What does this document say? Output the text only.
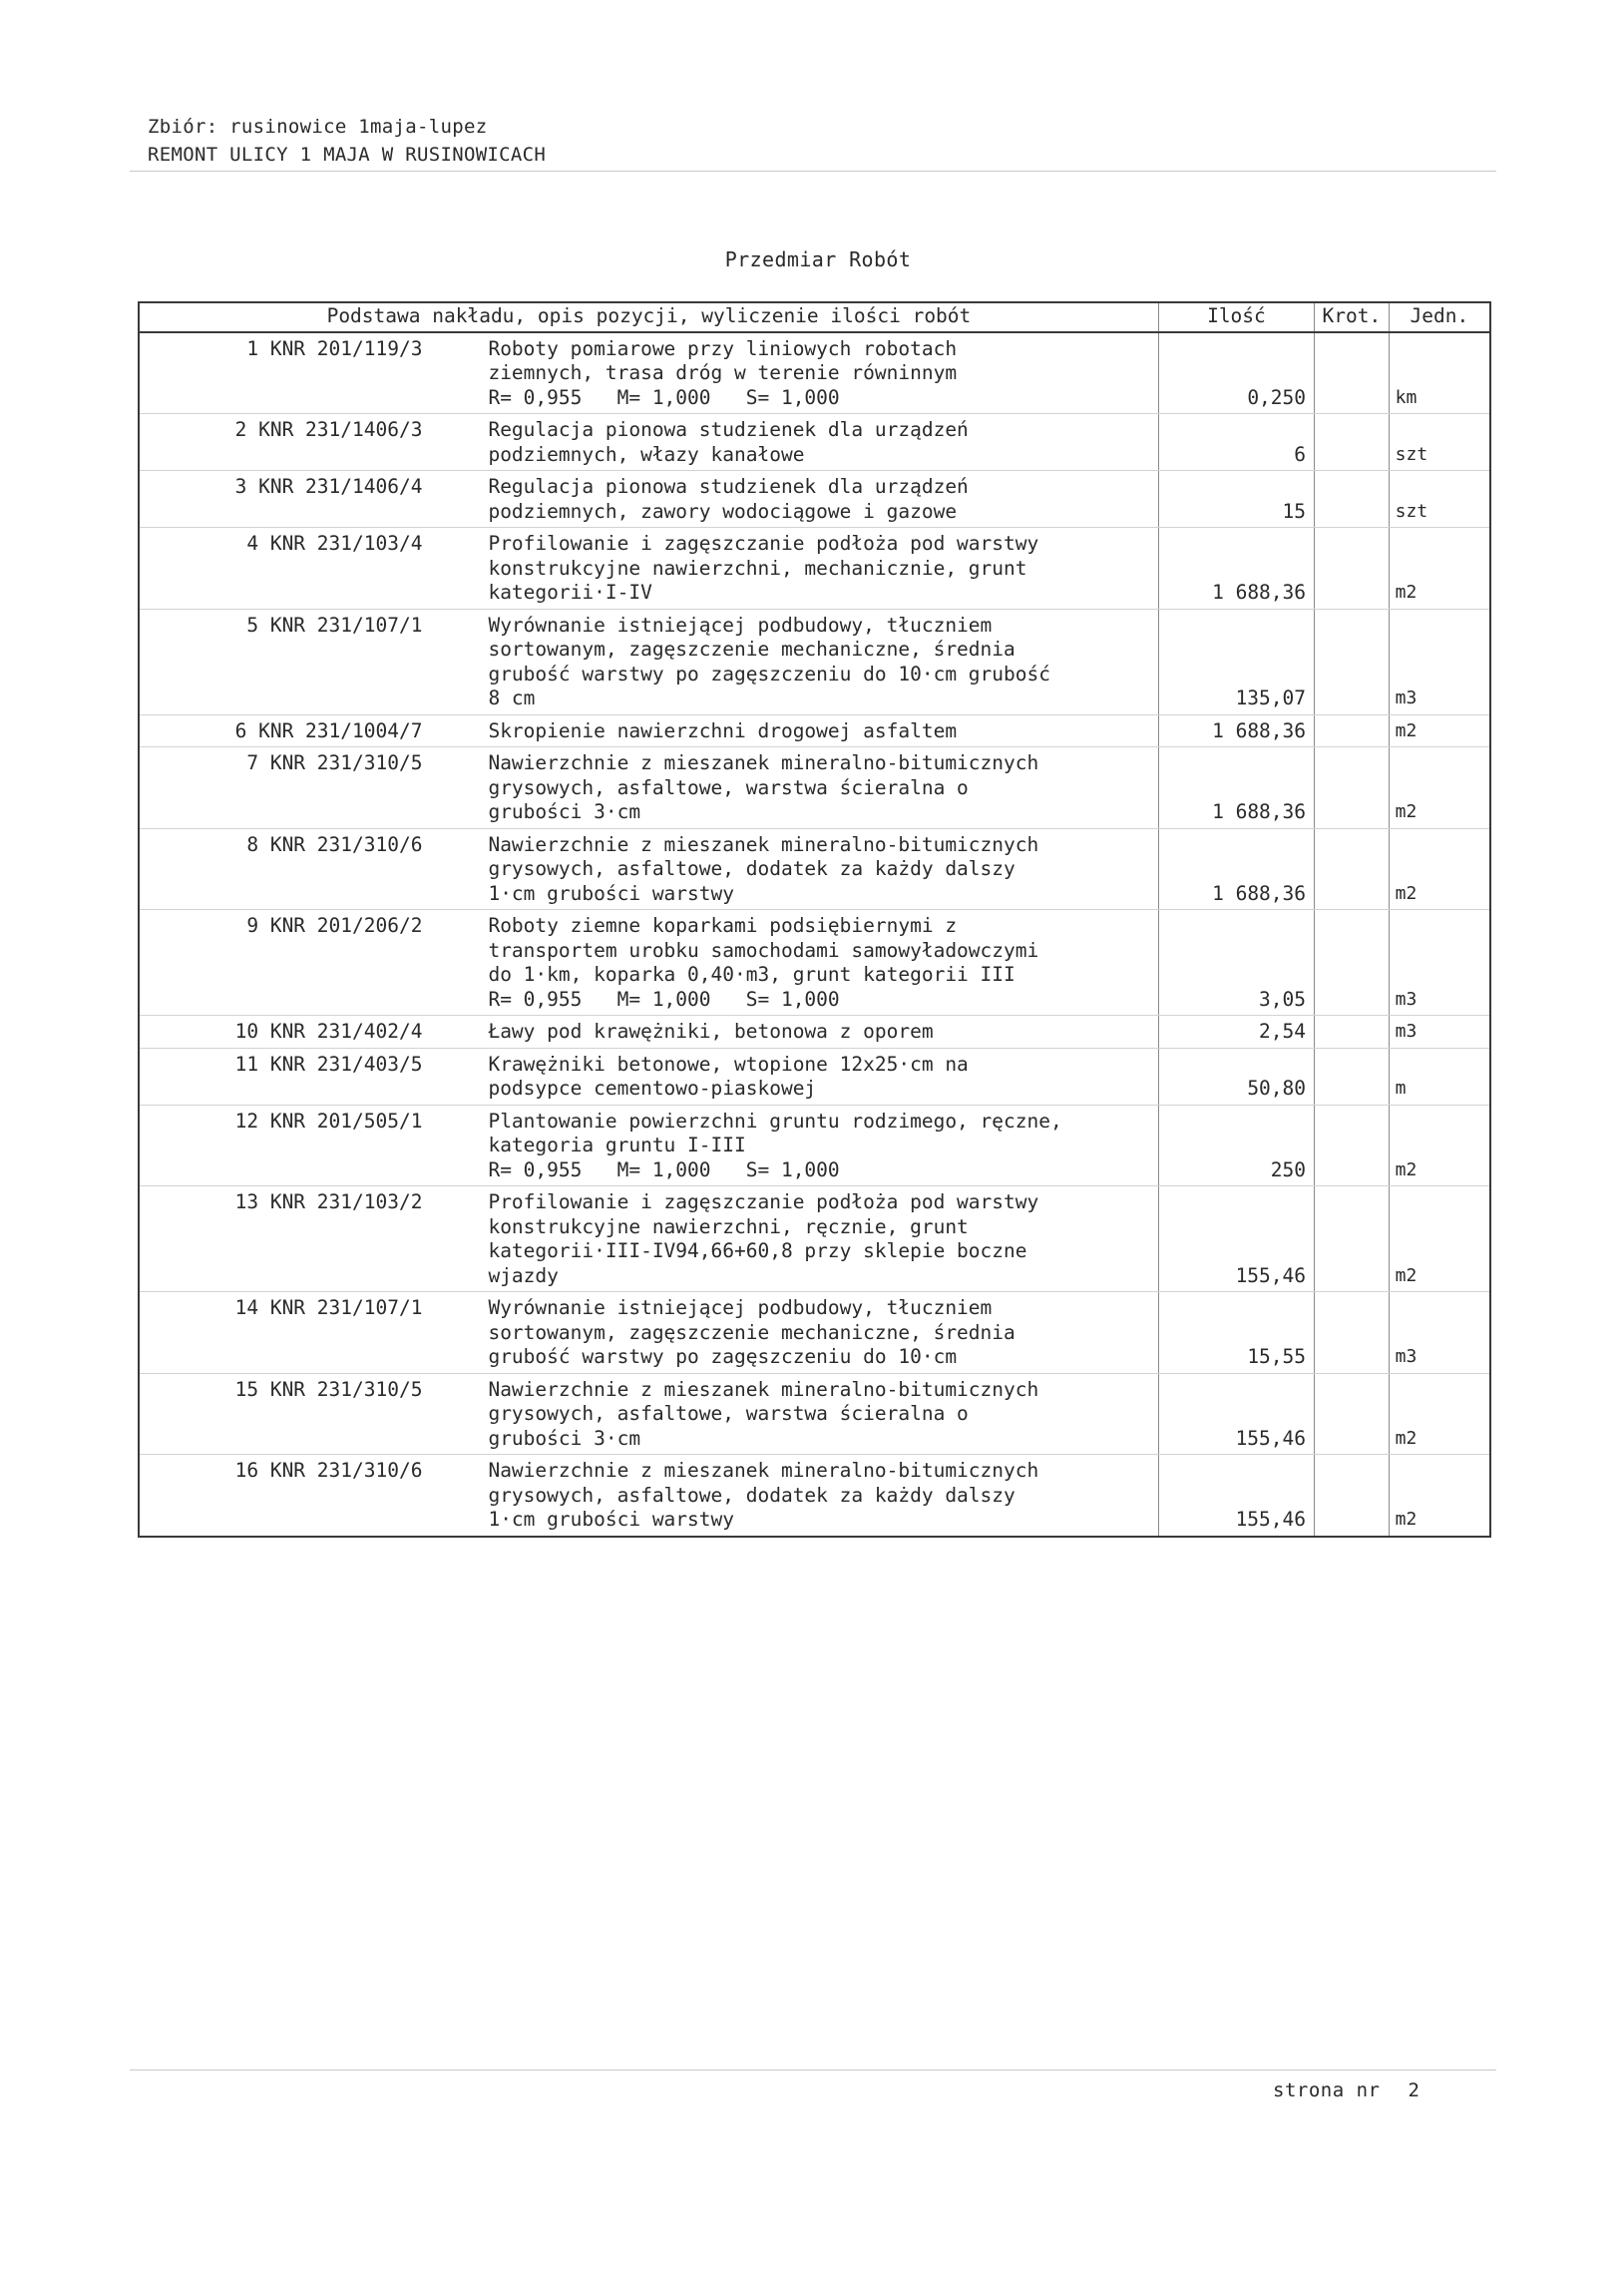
Zbiór: rusinowice 1maja-lupez
REMONT ULICY 1 MAJA W RUSINOWICACH
Przedmiar Robót
Podstawa nakładu, opis pozycji, wyliczenie ilości robót		Ilość	Krot.	Jedn.

1 KNR 201/119/3	Roboty pomiarowe przy liniowych robotach
ziemnych, trasa dróg w terenie równinnym
R= 0,955   M= 1,000   S= 1,000	0,250		km

2 KNR 231/1406/3	Regulacja pionowa studzienek dla urządzeń
podziemnych, włazy kanałowe	6		szt

3 KNR 231/1406/4	Regulacja pionowa studzienek dla urządzeń
podziemnych, zawory wodociągowe i gazowe	15		szt

4 KNR 231/103/4	Profilowanie i zagęszczanie podłoża pod warstwy
konstrukcyjne nawierzchni, mechanicznie, grunt
kategorii·I-IV	1 688,36		m2

5 KNR 231/107/1	Wyrównanie istniejącej podbudowy, tłuczniem
sortowanym, zagęszczenie mechaniczne, średnia
grubość warstwy po zagęszczeniu do 10·cm grubość
8 cm	135,07		m3

6 KNR 231/1004/7	Skropienie nawierzchni drogowej asfaltem	1 688,36		m2

7 KNR 231/310/5	Nawierzchnie z mieszanek mineralno-bitumicznych
grysowych, asfaltowe, warstwa ścieralna o
grubości 3·cm	1 688,36		m2

8 KNR 231/310/6	Nawierzchnie z mieszanek mineralno-bitumicznych
grysowych, asfaltowe, dodatek za każdy dalszy
1·cm grubości warstwy	1 688,36		m2

9 KNR 201/206/2	Roboty ziemne koparkami podsiębiernymi z
transportem urobku samochodami samowyładowczymi
do 1·km, koparka 0,40·m3, grunt kategorii III
R= 0,955   M= 1,000   S= 1,000	3,05		m3

10 KNR 231/402/4	Ławy pod krawężniki, betonowa z oporem	2,54		m3

11 KNR 231/403/5	Krawężniki betonowe, wtopione 12x25·cm na
podsypce cementowo-piaskowej	50,80		m

12 KNR 201/505/1	Plantowanie powierzchni gruntu rodzimego, ręczne,
kategoria gruntu I-III
R= 0,955   M= 1,000   S= 1,000	250		m2

13 KNR 231/103/2	Profilowanie i zagęszczanie podłoża pod warstwy
konstrukcyjne nawierzchni, ręcznie, grunt
kategorii·III-IV94,66+60,8 przy sklepie boczne
wjazdy	155,46		m2

14 KNR 231/107/1	Wyrównanie istniejącej podbudowy, tłuczniem
sortowanym, zagęszczenie mechaniczne, średnia
grubość warstwy po zagęszczeniu do 10·cm	15,55		m3

15 KNR 231/310/5	Nawierzchnie z mieszanek mineralno-bitumicznych
grysowych, asfaltowe, warstwa ścieralna o
grubości 3·cm	155,46		m2

16 KNR 231/310/6	Nawierzchnie z mieszanek mineralno-bitumicznych
grysowych, asfaltowe, dodatek za każdy dalszy
1·cm grubości warstwy	155,46		m2
strona nr 2
